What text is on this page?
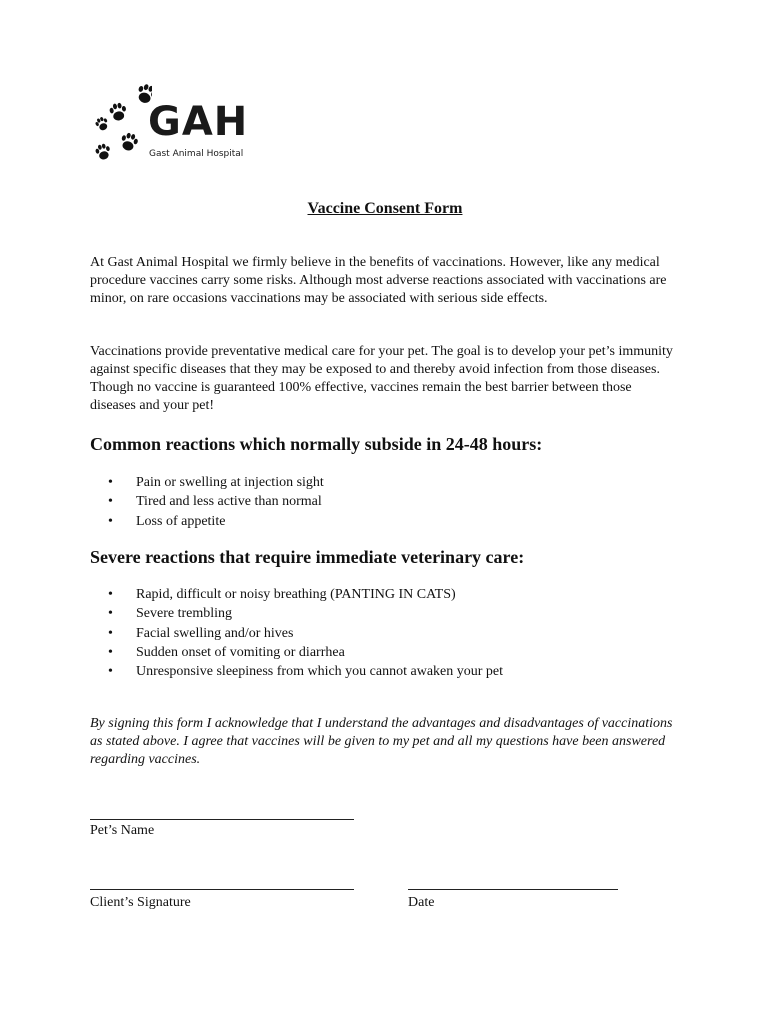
GAH
Gast Animal Hospital
Vaccine Consent Form

At Gast Animal Hospital we firmly believe in the benefits of vaccinations. However, like any medical procedure vaccines carry some risks. Although most adverse reactions associated with vaccinations are minor, on rare occasions vaccinations may be associated with serious side effects.

Vaccinations provide preventative medical care for your pet. The goal is to develop your pet’s immunity against specific diseases that they may be exposed to and thereby avoid infection from those diseases. Though no vaccine is guaranteed 100% effective, vaccines remain the best barrier between those diseases and your pet!

Common reactions which normally subside in 24-48 hours:
• Pain or swelling at injection sight
• Tired and less active than normal
• Loss of appetite
Severe reactions that require immediate veterinary care:
• Rapid, difficult or noisy breathing (PANTING IN CATS)
• Severe trembling
• Facial swelling and/or hives
• Sudden onset of vomiting or diarrhea
• Unresponsive sleepiness from which you cannot awaken your pet

By signing this form I acknowledge that I understand the advantages and disadvantages of vaccinations as stated above. I agree that vaccines will be given to my pet and all my questions have been answered regarding vaccines.

Pet’s Name
Client’s Signature	Date
